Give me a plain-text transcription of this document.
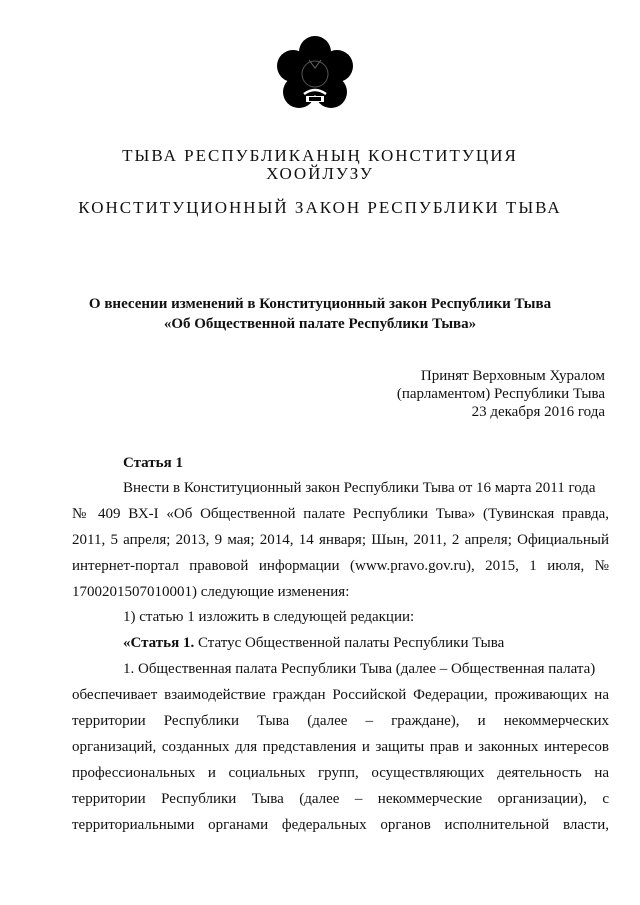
ТЫВА РЕСПУБЛИКАНЫҢ КОНСТИТУЦИЯ
ХООЙЛУЗУ
КОНСТИТУЦИОННЫЙ ЗАКОН РЕСПУБЛИКИ ТЫВА
О внесении изменений в Конституционный закон Республики Тыва
«Об Общественной палате Республики Тыва»
Принят Верховным Хуралом
(парламентом) Республики Тыва
23 декабря 2016 года
Статья 1
Внести в Конституционный закон Республики Тыва от 16 марта 2011 года
№ 409 ВХ-I «Об Общественной палате Республики Тыва» (Тувинская правда,
2011, 5 апреля; 2013, 9 мая; 2014, 14 января; Шын, 2011, 2 апреля; Официальный
интернет-портал правовой информации (www.pravo.gov.ru), 2015, 1 июля, №
1700201507010001) следующие изменения:
1) статью 1 изложить в следующей редакции:
«Статья 1. Статус Общественной палаты Республики Тыва
1. Общественная палата Республики Тыва (далее – Общественная палата)
обеспечивает взаимодействие граждан Российской Федерации, проживающих на
территории Республики Тыва (далее – граждане), и некоммерческих
организаций, созданных для представления и защиты прав и законных интересов
профессиональных и социальных групп, осуществляющих деятельность на
территории Республики Тыва (далее – некоммерческие организации), с
территориальными органами федеральных органов исполнительной власти,
